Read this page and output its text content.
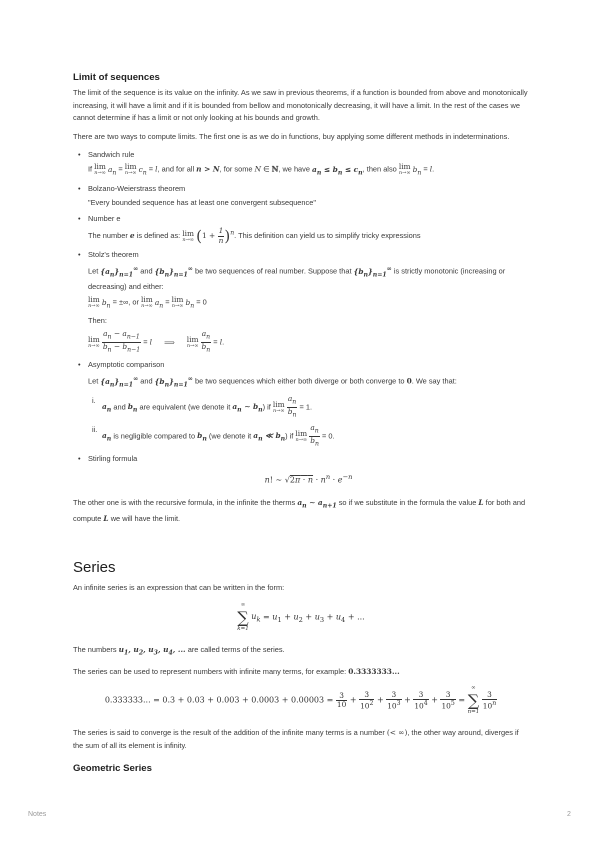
Limit of sequences

The limit of the sequence is its value on the infinity. As we saw in previous theorems, if a function is bounded from above and monotonically increasing, it will have a limit and if it is bounded from bellow and monotonically decreasing, it will have a limit. In the rest of the cases we cannot determine if has a limit or not only looking at his bounds and growth.

There are two ways to compute limits. The first one is as we do in functions, buy applying some different methods in indeterminations.

• Sandwich rule
If lim
n→∞ $a_n = \lim$
n→∞ $c_n = l$, and for all n > N, for some N ∈ ℕ, we have $a_n \le b_n \le c_n$, then also lim
n→∞ $b_n = l$.
• Bolzano-Weierstrass theorem
"Every bounded sequence has at least one convergent subsequence"
• Number e
The number e is defined as: lim
n→∞ $(1 + \frac{1}{n} )^n$. This definition can yield us to simplify tricky expressions
• Stolz's theorem
Let $\{a_n\}_{n=1}^\infty$ and $\{b_n\}_{n=1}^\infty$ be two sequences of real number. Suppose that $\{b_n\}_{n=1}^\infty$ is strictly monotonic (increasing or decreasing) and either:
lim
n→∞ $b_n$ = ±∞, or lim
n→∞ $a_n = \lim$
n→∞ $b_n = 0$
Then:
lim
n→∞
$\frac{a_n - a_{n-1}}{b_n - b_{n-1}} = l$ ⟹ lim
n→∞
$\frac{a_n}{b_n} = l$.
• Asymptotic comparison
Let $\{a_n\}_{n=1}^\infty$ and $\{b_n\}_{n=1}^\infty$ be two sequences which either both diverge or both converge to 0. We say that:
i.
$a_n$ and $b_n$ are equivalent (we denote it $a_n$ ∼ $b_n$) if lim
n→∞
$\frac{a_n}{b_n} = 1$.
ii.
$a_n$ is negligible compared to $b_n$ (we denote it $a_n$ ≪ $b_n$) if lim
n→∞
$\frac{a_n}{b_n} = 0$.
• Stirling formula
n! ∼ $√2\pi \cdot n \cdot n^n \cdot e^{-n}$

The other one is with the recursive formula, in the infinite the therms $a_n$ ∼ $a_{n+1}$ so if we substitute in the formula the value L for both and compute L we will have the limit.

Series

An infinite series is an expression that can be written in the form:

∞
∑
k=1
$u_k = u_1 + u_2 + u_3 + u_4$ + ...

The numbers $u_1$, $u_2$, $u_3$, $u_4$, ... are called terms of the series.

The series can be used to represent numbers with infinite many terms, for example: 0.3333333...

0.333333... = $0.3 + 0.03 + 0.003 + 0.0003 + 0.00003 = \frac{3}{10} + \frac{3}{10^2} + \frac{3}{10^3} + \frac{3}{10^4} + \frac{3}{10^5}$ =
∞
∑
n=1

$\frac{3}{10^n}$

The series is said to converge is the result of the addition of the infinite many terms is a number (< ∞), the other way around, diverges if the sum of all its element is infinity.

Geometric Series
Notes	2
